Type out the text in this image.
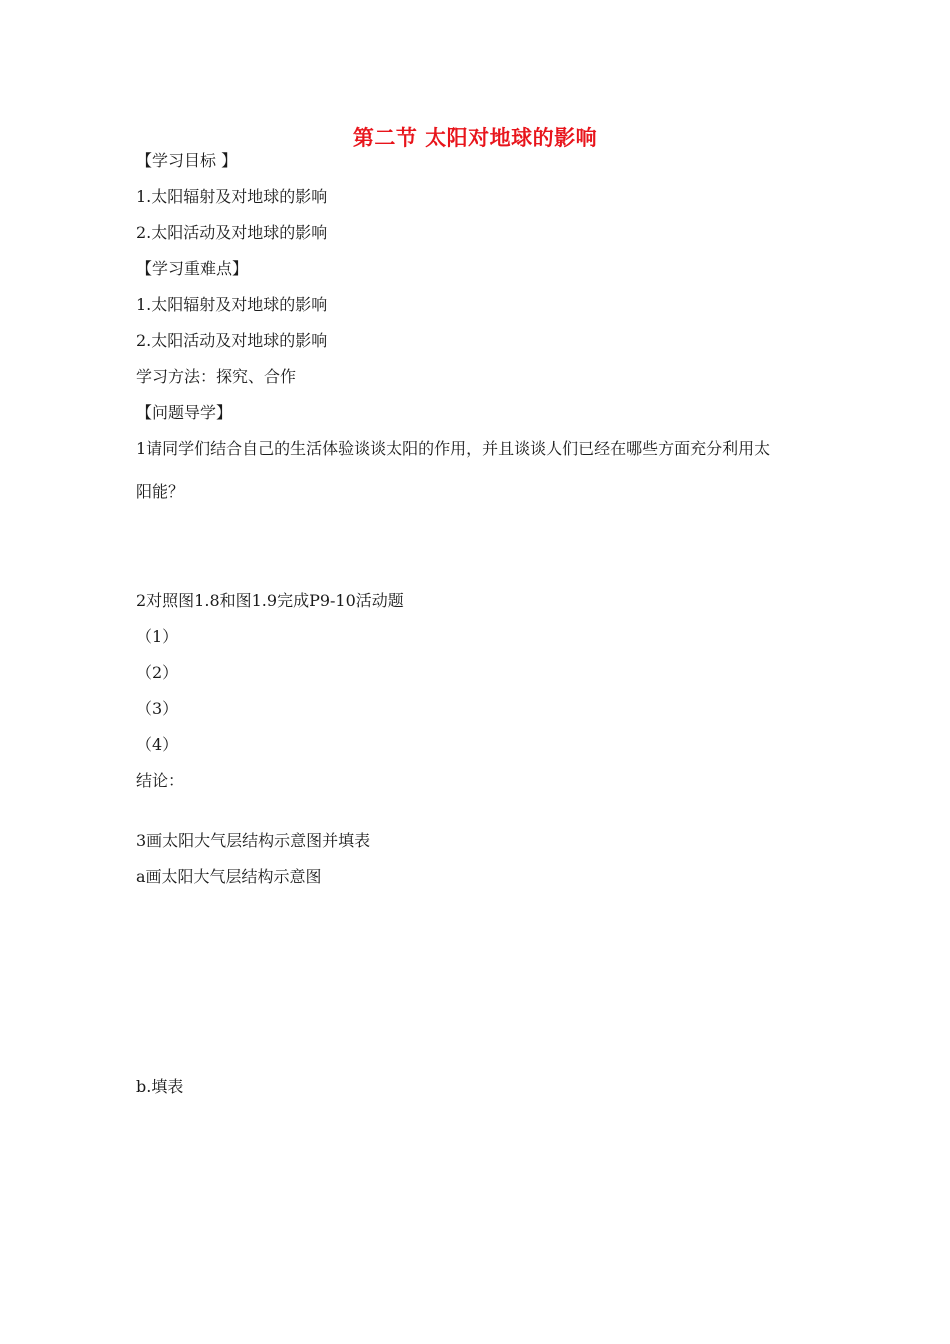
第二节 太阳对地球的影响
【学习目标 】
1.太阳辐射及对地球的影响
2.太阳活动及对地球的影响
【学习重难点】
1.太阳辐射及对地球的影响
2.太阳活动及对地球的影响
学习方法：探究、合作
【问题导学】
1请同学们结合自己的生活体验谈谈太阳的作用，并且谈谈人们已经在哪些方面充分利用太
阳能？
2对照图1.8和图1.9完成P9-10活动题
（1）
（2）
（3）
（4）
结论：
3画太阳大气层结构示意图并填表
a画太阳大气层结构示意图
b.填表
